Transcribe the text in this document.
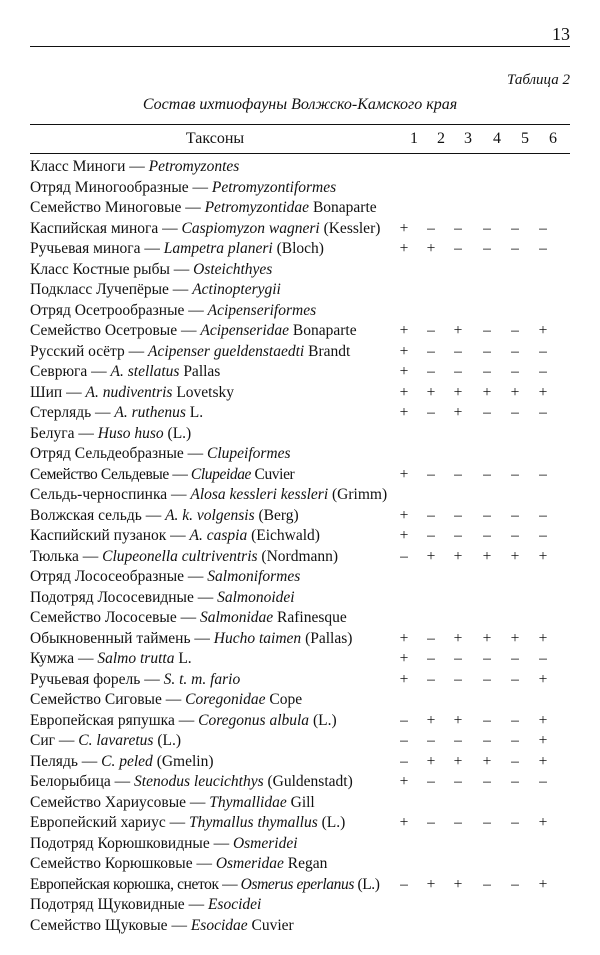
13
Таблица 2
Состав ихтиофауны Волжско-Камского края
Таксоны	1	2	3	4	5	6
Класс Миноги — Petromyzontes
Отряд Миногообразные — Petromyzontiformes
Семейство Миноговые — Petromyzontidae Bonaparte
Каспийская минога — Caspiomyzon wagneri (Kessler)	+	–	–	–	–	–
Ручьевая минога — Lampetra planeri (Bloch)	+	+	–	–	–	–
Класс Костные рыбы — Osteichthyes
Подкласс Лучепёрые — Actinopterygii
Отряд Осетрообразные — Acipenseriformes
Семейство Осетровые — Acipenseridae Bonaparte	+	–	+	–	–	+
Русский осётр — Acipenser gueldenstaedti Brandt	+	–	–	–	–	–
Севрюга — A. stellatus Pallas	+	–	–	–	–	–
Шип — A. nudiventris Lovetsky	+	+	+	+	+	+
Стерлядь — A. ruthenus L.	+	–	+	–	–	–
Белуга — Huso huso (L.)
Отряд Сельдеобразные — Clupeiformes
Семейство Сельдевые — Clupeidae Cuvier	+	–	–	–	–	–
Сельдь-черноспинка — Alosa kessleri kessleri (Grimm)
Волжская сельдь — A. k. volgensis (Berg)	+	–	–	–	–	–
Каспийский пузанок — A. caspia (Eichwald)	+	–	–	–	–	–
Тюлька — Clupeonella cultriventris (Nordmann)	–	+	+	+	+	+
Отряд Лососеобразные — Salmoniformes
Подотряд Лососевидные — Salmonoidei
Семейство Лососевые — Salmonidae Rafinesque
Обыкновенный таймень — Hucho taimen (Pallas)	+	–	+	+	+	+
Кумжа — Salmo trutta L.	+	–	–	–	–	–
Ручьевая форель — S. t. m. fario	+	–	–	–	–	+
Семейство Сиговые — Coregonidae Cope
Европейская ряпушка — Coregonus albula (L.)	–	+	+	–	–	+
Сиг — C. lavaretus (L.)	–	–	–	–	–	+
Пелядь — C. peled (Gmelin)	–	+	+	+	–	+
Белорыбица — Stenodus leucichthys (Guldenstadt)	+	–	–	–	–	–
Семейство Хариусовые — Thymallidae Gill
Европейский хариус — Thymallus thymallus (L.)	+	–	–	–	–	+
Подотряд Корюшковидные — Osmeridei
Семейство Корюшковые — Osmeridae Regan
Европейская корюшка, снеток — Osmerus eperlanus (L.)	–	+	+	–	–	+
Подотряд Щуковидные — Esocidei
Семейство Щуковые — Esocidae Cuvier
